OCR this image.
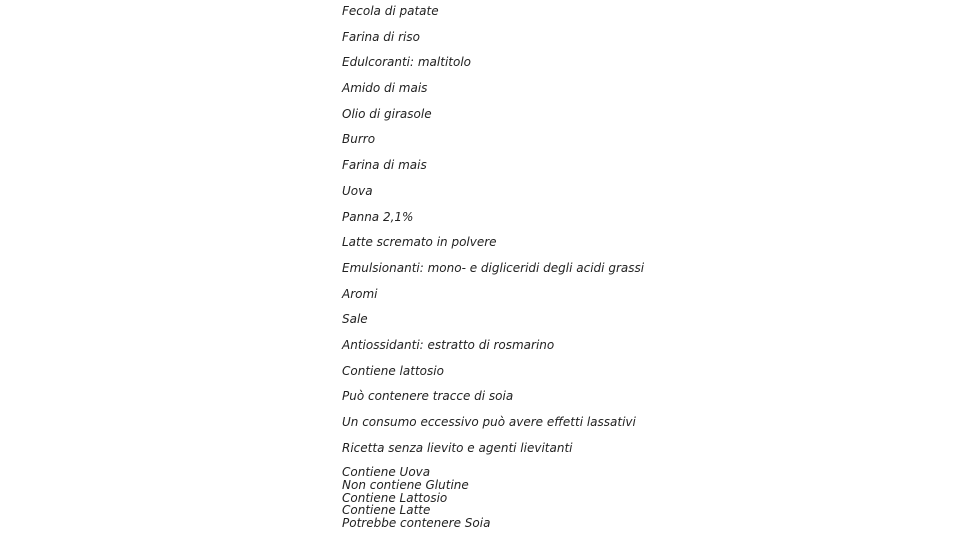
Fecola di patate
Farina di riso
Edulcoranti: maltitolo
Amido di mais
Olio di girasole
Burro
Farina di mais
Uova
Panna 2,1%
Latte scremato in polvere
Emulsionanti: mono- e digliceridi degli acidi grassi
Aromi
Sale
Antiossidanti: estratto di rosmarino
Contiene lattosio
Può contenere tracce di soia
Un consumo eccessivo può avere effetti lassativi
Ricetta senza lievito e agenti lievitanti
Contiene Uova
Non contiene Glutine
Contiene Lattosio
Contiene Latte
Potrebbe contenere Soia
